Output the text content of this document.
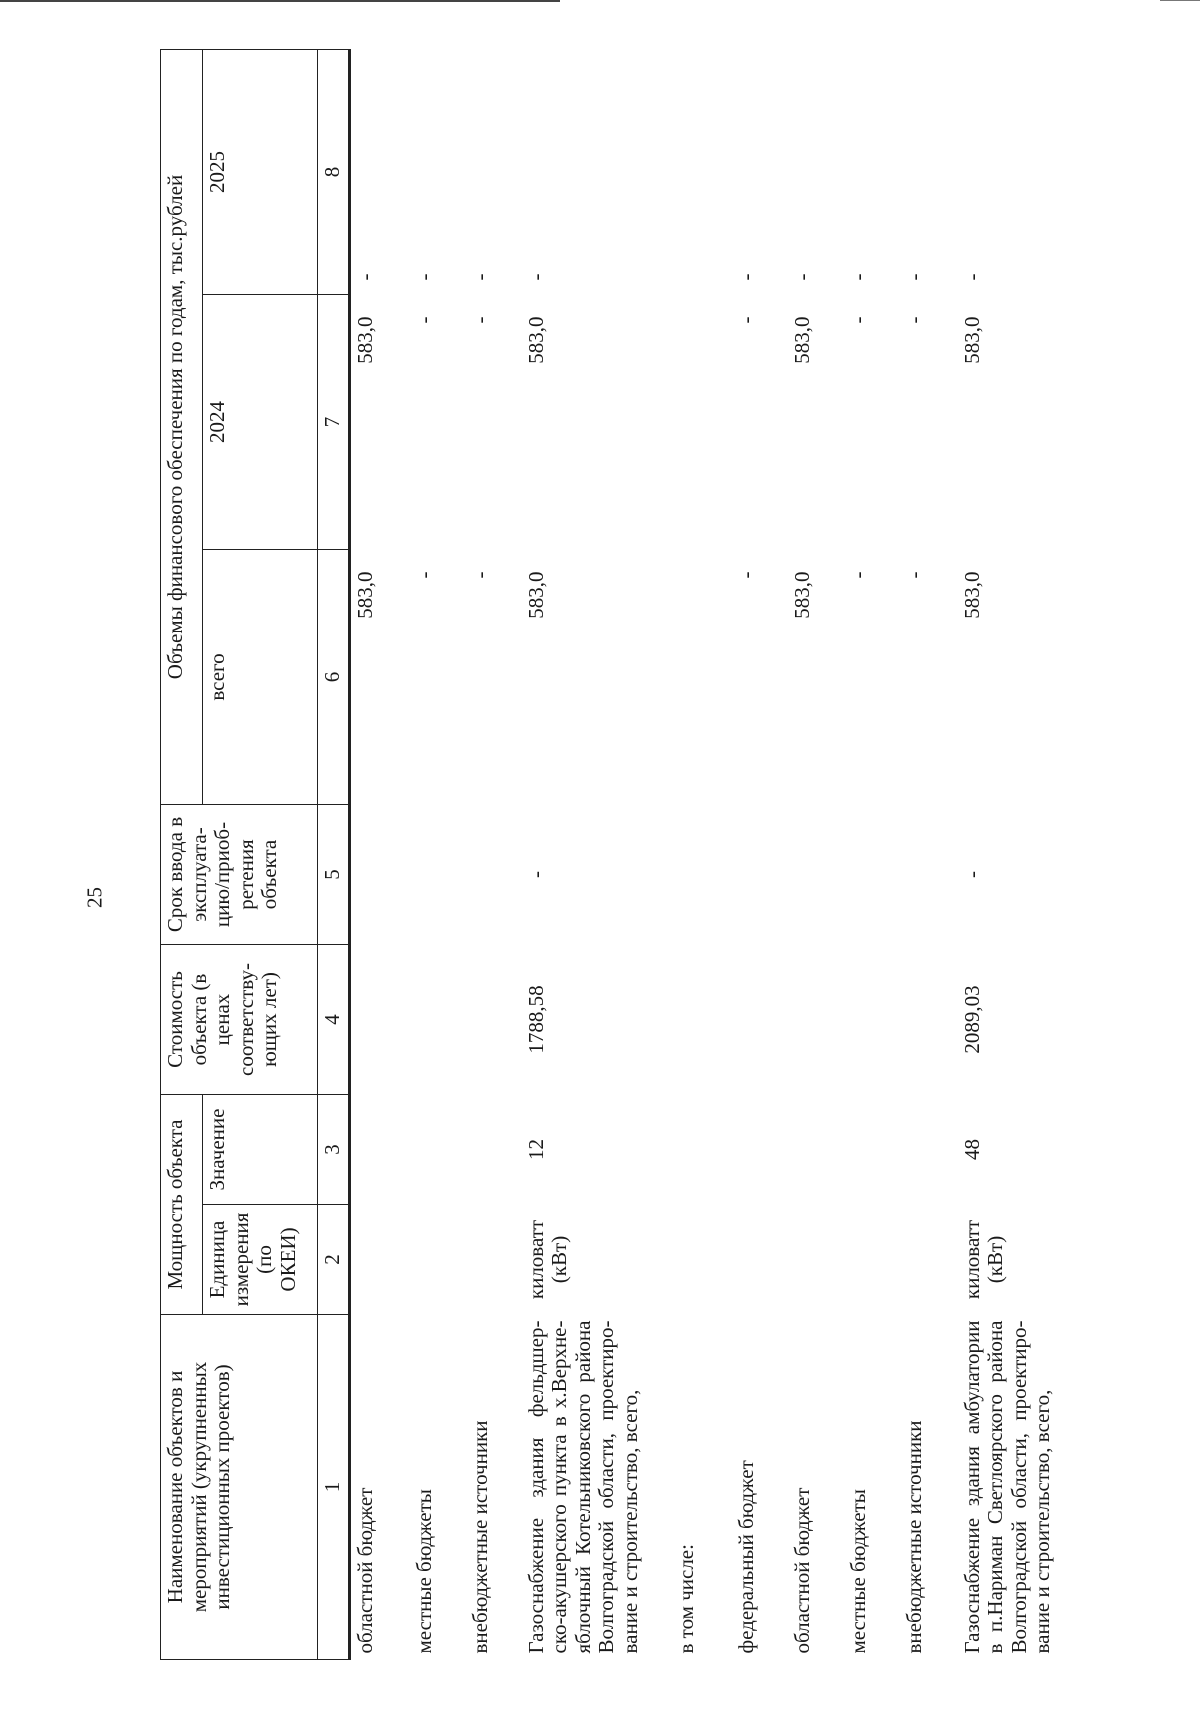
25
Наименование объектов и мероприятий (укрупненных инвестиционных проектов)	Мощность объекта		Стоимость объекта (в ценах соответству-ющих лет)	Срок ввода в эксплуата-цию/приоб-ретения объекта	Объемы финансового обеспечения по годам, тыс.рублей		
	Единица измерения (по ОКЕИ)	Значение			всего	2024	2025
1	2	3	4	5	6	7	8
областной бюджет					583,0	583,0	-
местные бюджеты					-	-	-
внебюджетные источники					-	-	-
Газоснабжение здания фельдшер-ско-акушерского пункта в х.Верхне-яблочный Котельниковского района Волгоградской области, проектиро-вание и строительство, всего,	киловатт (кВт)	12	1788,58	-	583,0	583,0	-
в том числе:							
федеральный бюджет					-	-	-
областной бюджет					583,0	583,0	-
местные бюджеты					-	-	-
внебюджетные источники					-	-	-
Газоснабжение здания амбулатории в п.Нариман Светлоярского района Волгоградской области, проектиро-вание и строительство, всего,	киловатт (кВт)	48	2089,03	-	583,0	583,0	-
